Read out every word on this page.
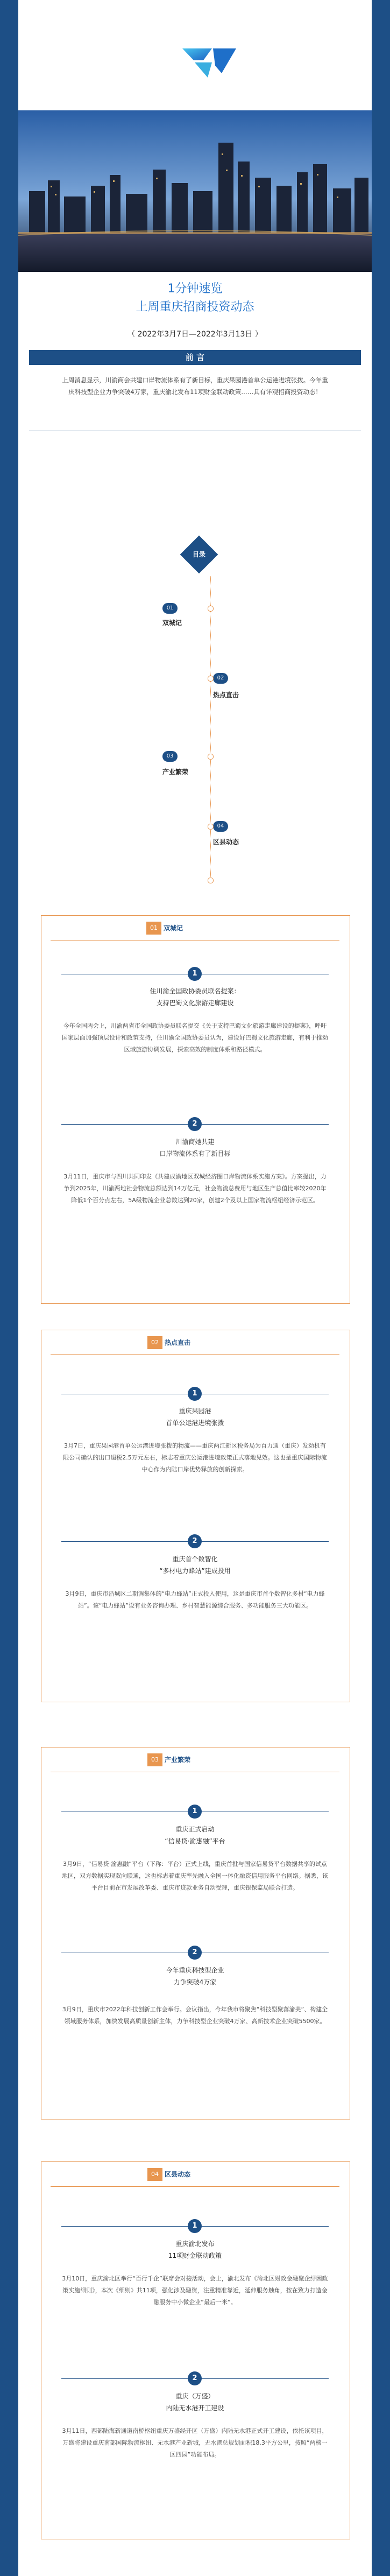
1分钟速览

上周重庆招商投资动态

（ 2022年3月7日—2022年3月13日 ）
前 言
上周消息显示，川渝商会共建口岸物流体系有了新目标，重庆果园港首单公运港进境张拨。今年重庆科技型企业力争突破4万家，重庆渝北发布11项财金联动政策……具有详观招商投资动态！
目录
01
双城记
02
热点直击
03
产业繁荣
04
区县动态
01 双城记
1
住川渝全国政协委员联名提案：
支持巴蜀文化旅游走廊建设
今年全国两会上，川渝两省市全国政协委员联名提交《关于支持巴蜀文化旅游走廊建设的提案》，呼吁国家层面加强顶层设计和政策支持，住川渝全国政协委员认为，建设好巴蜀文化旅游走廊，有利于推动区域旅游协调发展，探索高效的制度体系和路径模式。
2
川渝商她共建
口岸物流体系有了新目标
3月11日，重庆市与四川共同印发《共建成渝地区双城经济圈口岸物流体系实施方案》。方案提出，力争到2025年，川渝两地社会物流总额达到14万亿元，社会物流总费用与地区生产总值比率较2020年降低1个百分点左右，5A级物流企业总数达到20家，创建2个及以上国家物流枢纽经济示范区。
02 热点直击
1
重庆果园港
首单公运港进境张拨
3月7日，重庆果园港首单公运港进境张拨的物流——重庆两江新区税务局为百力通（重庆）发动机有限公司确认的出口退税2.5万元左右，标志着重庆公运港进境政策正式落地见效。这也是重庆国际物流中心作为内陆口岸优势释放的创新探索。
2
重庆首个数智化
“多材电力蜂站”建成投用
3月9日，重庆市沿城区二期调集体的“电力蜂站”正式投入使用，这是重庆市首个数智化多材“电力蜂站”。该“电力蜂站”设有业务咨询办理、乡村智慧能源综合服务、多功能服务三大功能区。
03 产业繁荣
1
重庆正式启动
“信易贷·渝惠融”平台
3月9日，“信易贷·渝惠融”平台（下称：平台）正式上线，重庆首批与国家信易贷平台数据共享的试点地区，双方数据实现双向联通，这也标志着重庆率先融入全国一体化融资信用服务平台网络。据悉，该平台目前在市发展改革委、重庆市贷款业务自动受理，重庆银保监局联合打造。
2
今年重庆科技型企业
力争突破4万家
3月9日，重庆市2022年科技创新工作会举行。会议指出，今年我市将聚焦“科技型聚落渝美”、构建全领域服务体系，加快发展高质量创新主体，力争科技型企业突破4万家、高新技术企业突破5500家。
04 区县动态
1
重庆渝北发布
11项财金联动政策
3月10日，重庆渝北区举行“百行千企”联席会对接活动，会上，渝北发布《渝北区财政金融聚企纾困政策实施细则》，本次《细则》共11项，强化涉及融资，注重精准靠近，延伸服务触角，按在致力打造金融服务中小微企业“最后一米”。
2
重庆（万盛）
内陆无水港开工建设
3月11日，西部陆海新通道南桥枢纽重庆万盛经开区（万盛）内陆无水港正式开工建设，依托该项目，万盛将建设重庆南部国际物流枢纽、无水港产业新城，无水港总规划面积18.3平方公里，按照“两核一区四园”功能布局。
